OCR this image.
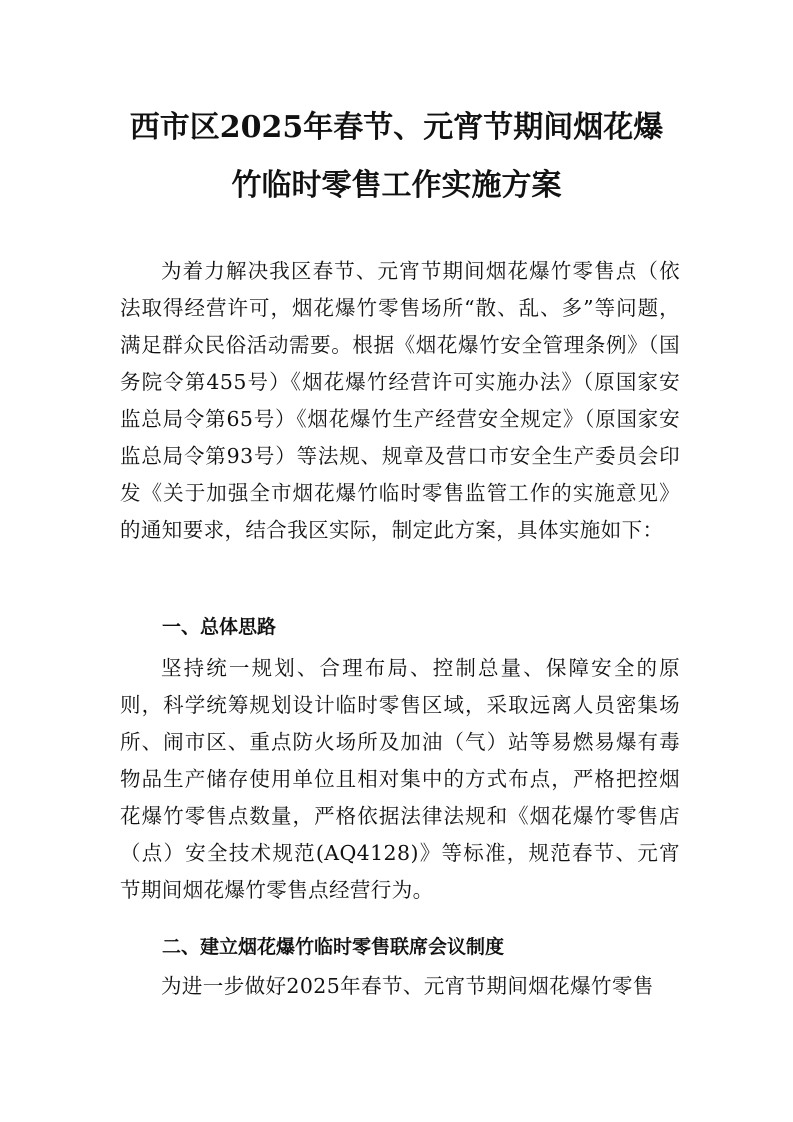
西市区2025年春节、元宵节期间烟花爆
竹临时零售工作实施方案

为着力解决我区春节、元宵节期间烟花爆竹零售点（依法取得经营许可，烟花爆竹零售场所“散、乱、多”等问题，满足群众民俗活动需要。根据《烟花爆竹安全管理条例》（国务院令第455号）《烟花爆竹经营许可实施办法》（原国家安监总局令第65号）《烟花爆竹生产经营安全规定》（原国家安监总局令第93号）等法规、规章及营口市安全生产委员会印发《关于加强全市烟花爆竹临时零售监管工作的实施意见》的通知要求，结合我区实际，制定此方案，具体实施如下：

一、总体思路

坚持统一规划、合理布局、控制总量、保障安全的原则，科学统筹规划设计临时零售区域，采取远离人员密集场所、闹市区、重点防火场所及加油（气）站等易燃易爆有毒物品生产储存使用单位且相对集中的方式布点，严格把控烟花爆竹零售点数量，严格依据法律法规和《烟花爆竹零售店（点）安全技术规范(AQ4128)》等标准，规范春节、元宵节期间烟花爆竹零售点经营行为。

二、建立烟花爆竹临时零售联席会议制度

为进一步做好2025年春节、元宵节期间烟花爆竹零售
